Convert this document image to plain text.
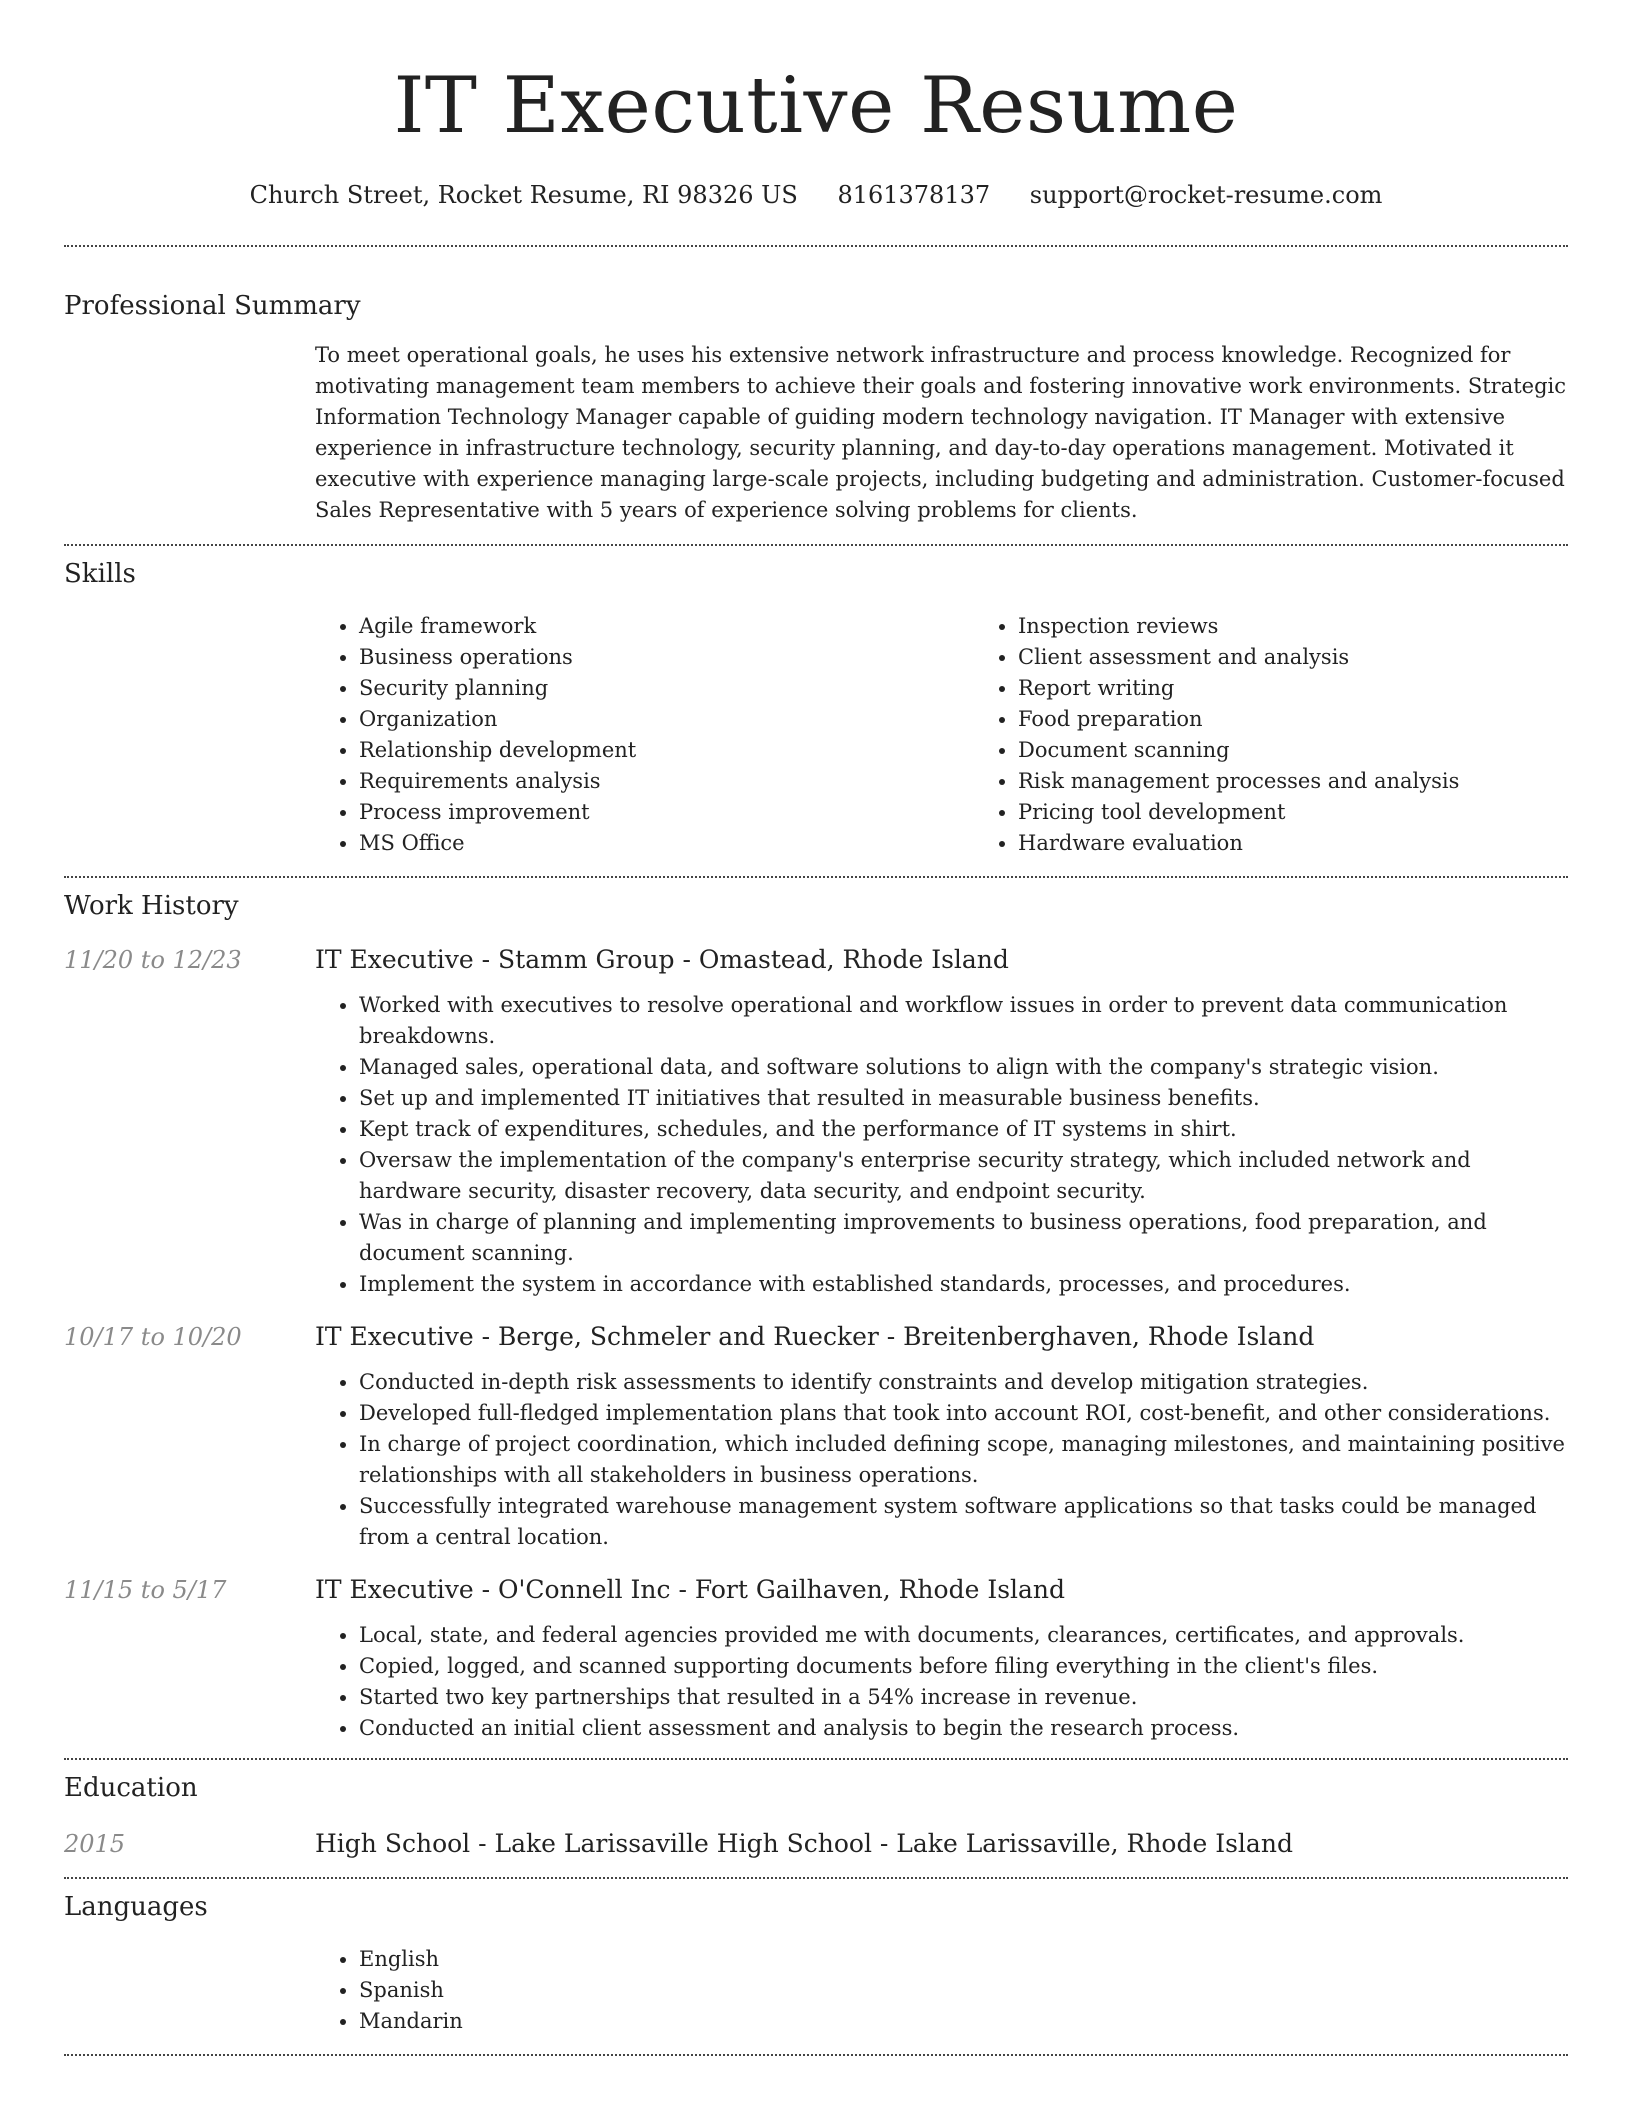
IT Executive Resume
Church Street, Rocket Resume, RI 98326 US 8161378137 support@rocket-resume.com
Professional Summary

To meet operational goals, he uses his extensive network infrastructure and process knowledge. Recognized for motivating management team members to achieve their goals and fostering innovative work environments. Strategic Information Technology Manager capable of guiding modern technology navigation. IT Manager with extensive experience in infrastructure technology, security planning, and day-to-day operations management. Motivated it executive with experience managing large-scale projects, including budgeting and administration. Customer-focused Sales Representative with 5 years of experience solving problems for clients.

Skills
• Agile framework
• Business operations
• Security planning
• Organization
• Relationship development
• Requirements analysis
• Process improvement
• MS Office
• Inspection reviews
• Client assessment and analysis
• Report writing
• Food preparation
• Document scanning
• Risk management processes and analysis
• Pricing tool development
• Hardware evaluation
Work History
11/20 to 12/23	IT Executive - Stamm Group - Omastead, Rhode Island
• Worked with executives to resolve operational and workflow issues in order to prevent data communication breakdowns.
• Managed sales, operational data, and software solutions to align with the company's strategic vision.
• Set up and implemented IT initiatives that resulted in measurable business benefits.
• Kept track of expenditures, schedules, and the performance of IT systems in shirt.
• Oversaw the implementation of the company's enterprise security strategy, which included network and hardware security, disaster recovery, data security, and endpoint security.
• Was in charge of planning and implementing improvements to business operations, food preparation, and document scanning.
• Implement the system in accordance with established standards, processes, and procedures.
10/17 to 10/20	IT Executive - Berge, Schmeler and Ruecker - Breitenberghaven, Rhode Island
• Conducted in-depth risk assessments to identify constraints and develop mitigation strategies.
• Developed full-fledged implementation plans that took into account ROI, cost-benefit, and other considerations.
• In charge of project coordination, which included defining scope, managing milestones, and maintaining positive relationships with all stakeholders in business operations.
• Successfully integrated warehouse management system software applications so that tasks could be managed from a central location.
11/15 to 5/17	IT Executive - O'Connell Inc - Fort Gailhaven, Rhode Island
• Local, state, and federal agencies provided me with documents, clearances, certificates, and approvals.
• Copied, logged, and scanned supporting documents before filing everything in the client's files.
• Started two key partnerships that resulted in a 54% increase in revenue.
• Conducted an initial client assessment and analysis to begin the research process.
Education
2015	High School - Lake Larissaville High School - Lake Larissaville, Rhode Island
Languages
• English
• Spanish
• Mandarin
